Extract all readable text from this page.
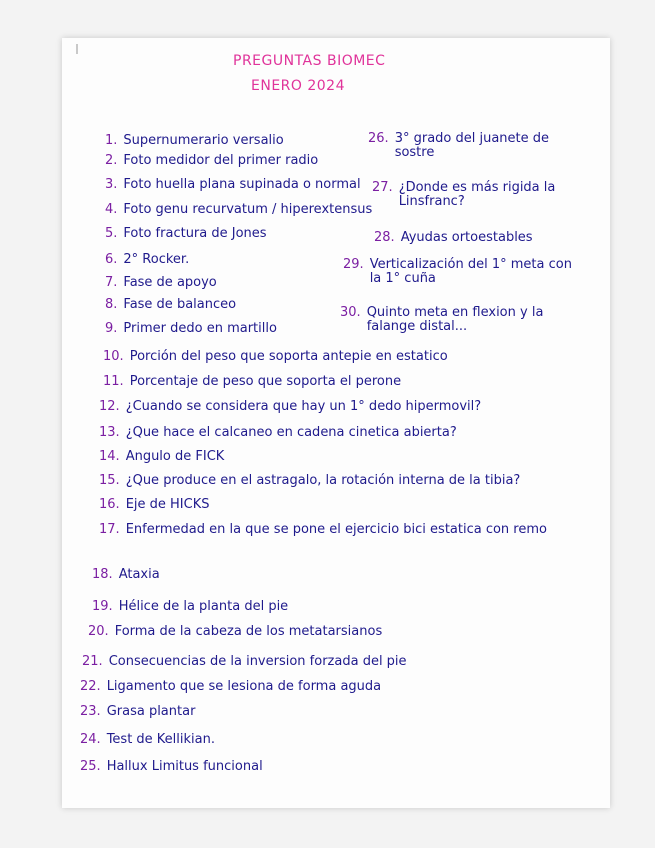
PREGUNTAS BIOMEC
ENERO 2024
1. Supernumerario versalio
2. Foto medidor del primer radio
3. Foto huella plana supinada o normal
4. Foto genu recurvatum / hiperextensus
5. Foto fractura de Jones
6. 2° Rocker.
7. Fase de apoyo
8. Fase de balanceo
9. Primer dedo en martillo
26. 3° grado del juanete de sostre
27. ¿Donde es más rigida la Linsfranc?
28. Ayudas ortoestables
29. Verticalización del 1° meta con la 1° cuña
30. Quinto meta en flexion y la falange distal...
10. Porción del peso que soporta antepie en estatico
11. Porcentaje de peso que soporta el perone
12. ¿Cuando se considera que hay un 1° dedo hipermovil?
13. ¿Que hace el calcaneo en cadena cinetica abierta?
14. Angulo de FICK
15. ¿Que produce en el astragalo, la rotación interna de la tibia?
16. Eje de HICKS
17. Enfermedad en la que se pone el ejercicio bici estatica con remo
18. Ataxia
19. Hélice de la planta del pie
20. Forma de la cabeza de los metatarsianos
21. Consecuencias de la inversion forzada del pie
22. Ligamento que se lesiona de forma aguda
23. Grasa plantar
24. Test de Kellikian.
25. Hallux Limitus funcional
